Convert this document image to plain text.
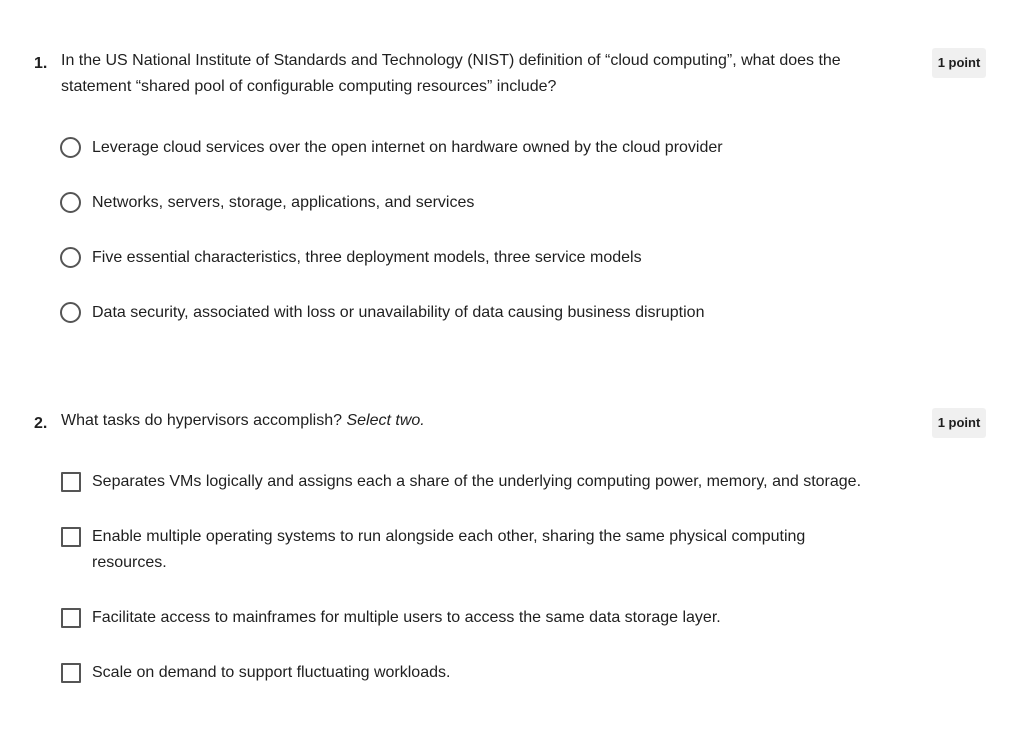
1. In the US National Institute of Standards and Technology (NIST) definition of “cloud computing”, what does the statement “shared pool of configurable computing resources” include?
1 point
Leverage cloud services over the open internet on hardware owned by the cloud provider
Networks, servers, storage, applications, and services
Five essential characteristics, three deployment models, three service models
Data security, associated with loss or unavailability of data causing business disruption
2. What tasks do hypervisors accomplish? Select two.	1 point
Separates VMs logically and assigns each a share of the underlying computing power, memory, and storage.
Enable multiple operating systems to run alongside each other, sharing the same physical computing resources.
Facilitate access to mainframes for multiple users to access the same data storage layer.
Scale on demand to support fluctuating workloads.
